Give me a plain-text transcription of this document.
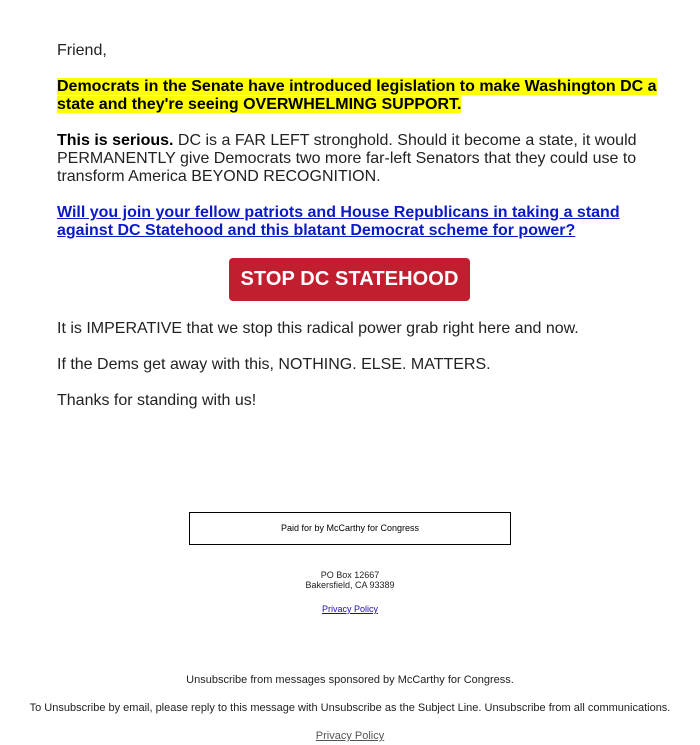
Friend,

Democrats in the Senate have introduced legislation to make Washington DC a state and they're seeing OVERWHELMING SUPPORT.

This is serious. DC is a FAR LEFT stronghold. Should it become a state, it would PERMANENTLY give Democrats two more far-left Senators that they could use to transform America BEYOND RECOGNITION.

Will you join your fellow patriots and House Republicans in taking a stand against DC Statehood and this blatant Democrat scheme for power?

STOP DC STATEHOOD

It is IMPERATIVE that we stop this radical power grab right here and now.

If the Dems get away with this, NOTHING. ELSE. MATTERS.

Thanks for standing with us!

Paid for by McCarthy for Congress
PO Box 12667
Bakersfield, CA 93389
Privacy Policy
Unsubscribe from messages sponsored by McCarthy for Congress.
To Unsubscribe by email, please reply to this message with Unsubscribe as the Subject Line. Unsubscribe from all communications.
Privacy Policy
